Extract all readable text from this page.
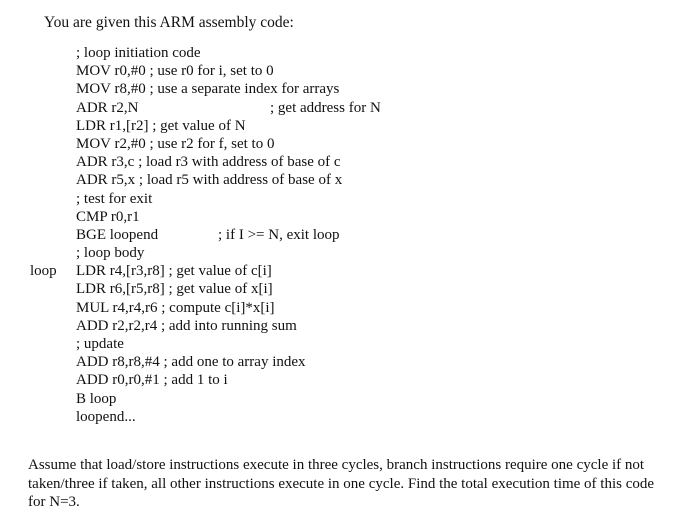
You are given this ARM assembly code:
; loop initiation code
MOV r0,#0 ; use r0 for i, set to 0
MOV r8,#0 ; use a separate index for arrays
ADR r2,N	; get address for N
LDR r1,[r2] ; get value of N
MOV r2,#0 ; use r2 for f, set to 0
ADR r3,c ; load r3 with address of base of c
ADR r5,x ; load r5 with address of base of x
; test for exit
CMP r0,r1
BGE loopend	; if I >= N, exit loop
; loop body
loop LDR r4,[r3,r8] ; get value of c[i]
LDR r6,[r5,r8] ; get value of x[i]
MUL r4,r4,r6 ; compute c[i]*x[i]
ADD r2,r2,r4 ; add into running sum
; update
ADD r8,r8,#4 ; add one to array index
ADD r0,r0,#1 ; add 1 to i
B loop
loopend...
Assume that load/store instructions execute in three cycles, branch instructions require one cycle if not taken/three if taken, all other instructions execute in one cycle. Find the total execution time of this code for N=3.
